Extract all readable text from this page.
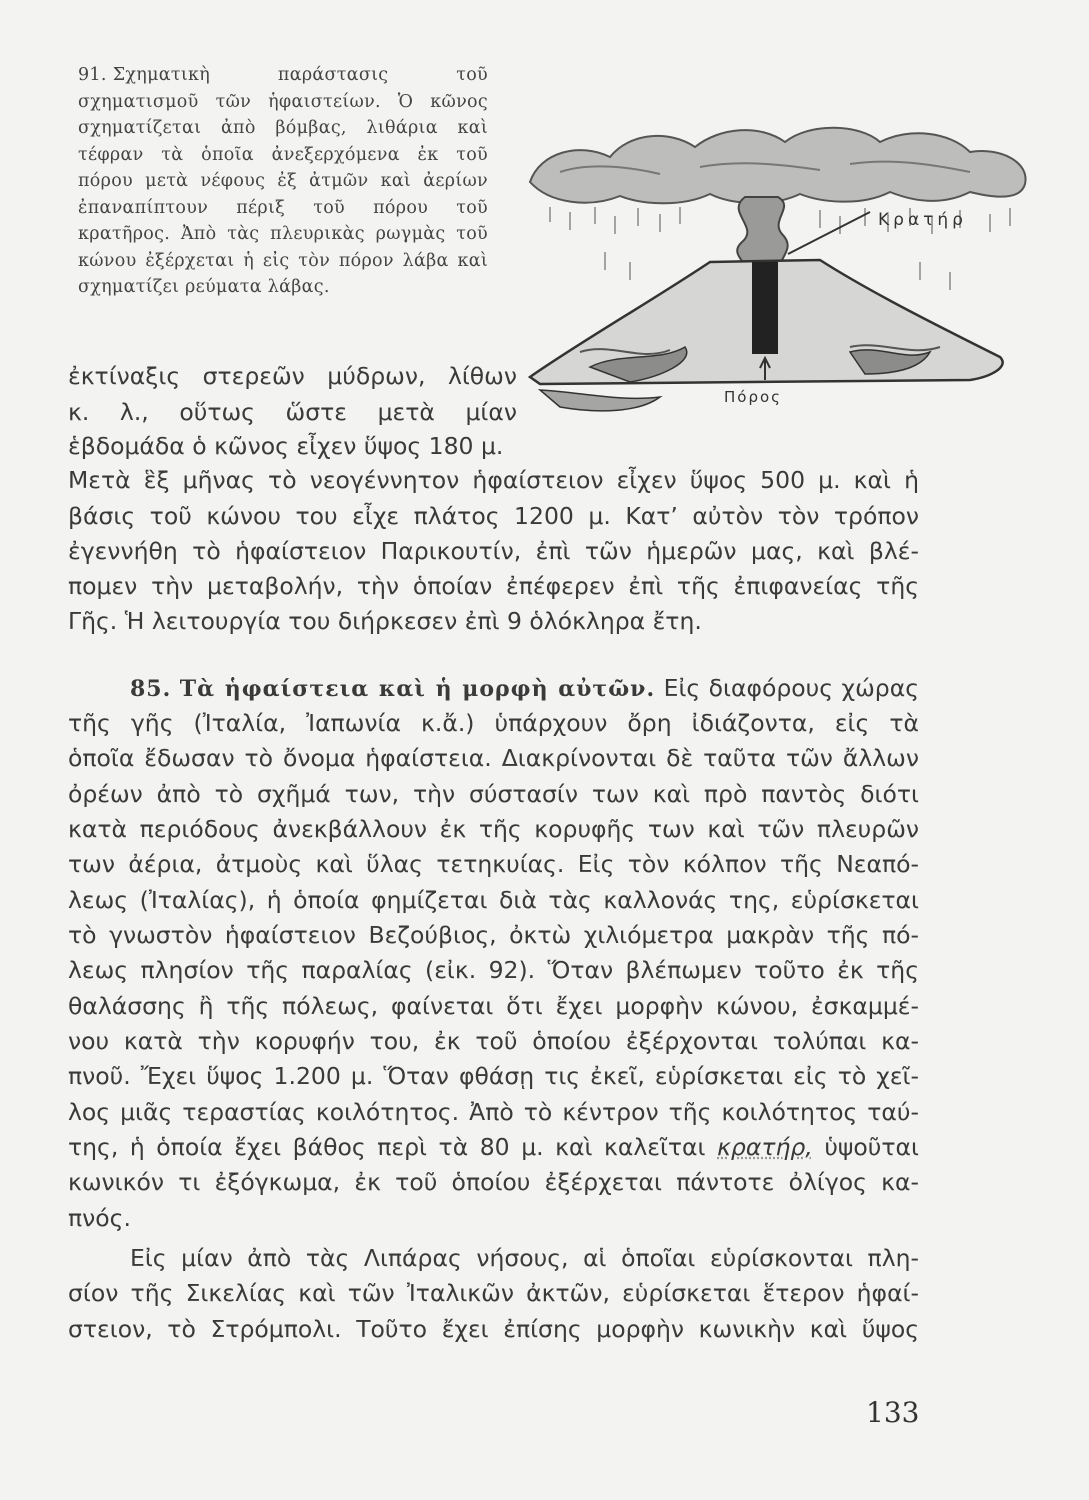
91. Σχηματικὴ παράστασις τοῦ σχηματισμοῦ τῶν ἡφαιστείων. Ὁ κῶνος σχηματίζεται ἀπὸ βόμβας, λιθάρια καὶ τέφραν τὰ ὁποῖα ἀνεξερχόμενα ἐκ τοῦ πόρου μετὰ νέφους ἐξ ἀτμῶν καὶ ἀερίων ἐπαναπίπτουν πέριξ τοῦ πόρου τοῦ κρατῆρος. Ἀπὸ τὰς πλευρικὰς ρωγμὰς τοῦ κώνου ἐξέρχεται ἡ εἰς τὸν πόρον λάβα καὶ σχηματίζει ρεύματα λάβας.
Κρατήρ
Πόρος
ἐκτίναξις στερεῶν μύδρων, λίθων
κ. λ., οὕτως ὥστε μετὰ μίαν
ἑβδομάδα ὁ κῶνος εἶχεν ὕψος 180 μ.
Μετὰ ἓξ μῆνας τὸ νεογέννητον ἡφαίστειον εἶχεν ὕψος 500 μ. καὶ ἡ
βάσις τοῦ κώνου του εἶχε πλάτος 1200 μ. Κατ’ αὐτὸν τὸν τρόπον
ἐγεννήθη τὸ ἡφαίστειον Παρικουτίν, ἐπὶ τῶν ἡμερῶν μας, καὶ βλέ-
πομεν τὴν μεταβολήν, τὴν ὁποίαν ἐπέφερεν ἐπὶ τῆς ἐπιφανείας τῆς
Γῆς. Ἡ λειτουργία του διήρκεσεν ἐπὶ 9 ὁλόκληρα ἔτη.
85. Τὰ ἡφαίστεια καὶ ἡ μορφὴ αὐτῶν. Εἰς διαφόρους χώρας
τῆς γῆς (Ἰταλία, Ἰαπωνία κ.ἄ.) ὑπάρχουν ὄρη ἰδιάζοντα, εἰς τὰ
ὁποῖα ἔδωσαν τὸ ὄνομα ἡφαίστεια. Διακρίνονται δὲ ταῦτα τῶν ἄλλων
ὀρέων ἀπὸ τὸ σχῆμά των, τὴν σύστασίν των καὶ πρὸ παντὸς διότι
κατὰ περιόδους ἀνεκβάλλουν ἐκ τῆς κορυφῆς των καὶ τῶν πλευρῶν
των ἀέρια, ἀτμοὺς καὶ ὕλας τετηκυίας. Εἰς τὸν κόλπον τῆς Νεαπό-
λεως (Ἰταλίας), ἡ ὁποία φημίζεται διὰ τὰς καλλονάς της, εὑρίσκεται
τὸ γνωστὸν ἡφαίστειον Βεζούβιος, ὀκτὼ χιλιόμετρα μακρὰν τῆς πό-
λεως πλησίον τῆς παραλίας (εἰκ. 92). Ὅταν βλέπωμεν τοῦτο ἐκ τῆς
θαλάσσης ἢ τῆς πόλεως, φαίνεται ὅτι ἔχει μορφὴν κώνου, ἐσκαμμέ-
νου κατὰ τὴν κορυφήν του, ἐκ τοῦ ὁποίου ἐξέρχονται τολύπαι κα-
πνοῦ. Ἔχει ὕψος 1.200 μ. Ὅταν φθάσῃ τις ἐκεῖ, εὑρίσκεται εἰς τὸ χεῖ-
λος μιᾶς τεραστίας κοιλότητος. Ἀπὸ τὸ κέντρον τῆς κοιλότητος ταύ-
της, ἡ ὁποία ἔχει βάθος περὶ τὰ 80 μ. καὶ καλεῖται κρατήρ, ὑψοῦται
κωνικόν τι ἐξόγκωμα, ἐκ τοῦ ὁποίου ἐξέρχεται πάντοτε ὀλίγος κα-
πνός.
Εἰς μίαν ἀπὸ τὰς Λιπάρας νήσους, αἱ ὁποῖαι εὑρίσκονται πλη-
σίον τῆς Σικελίας καὶ τῶν Ἰταλικῶν ἀκτῶν, εὑρίσκεται ἕτερον ἡφαί-
στειον, τὸ Στρόμπολι. Τοῦτο ἔχει ἐπίσης μορφὴν κωνικὴν καὶ ὕψος
133
